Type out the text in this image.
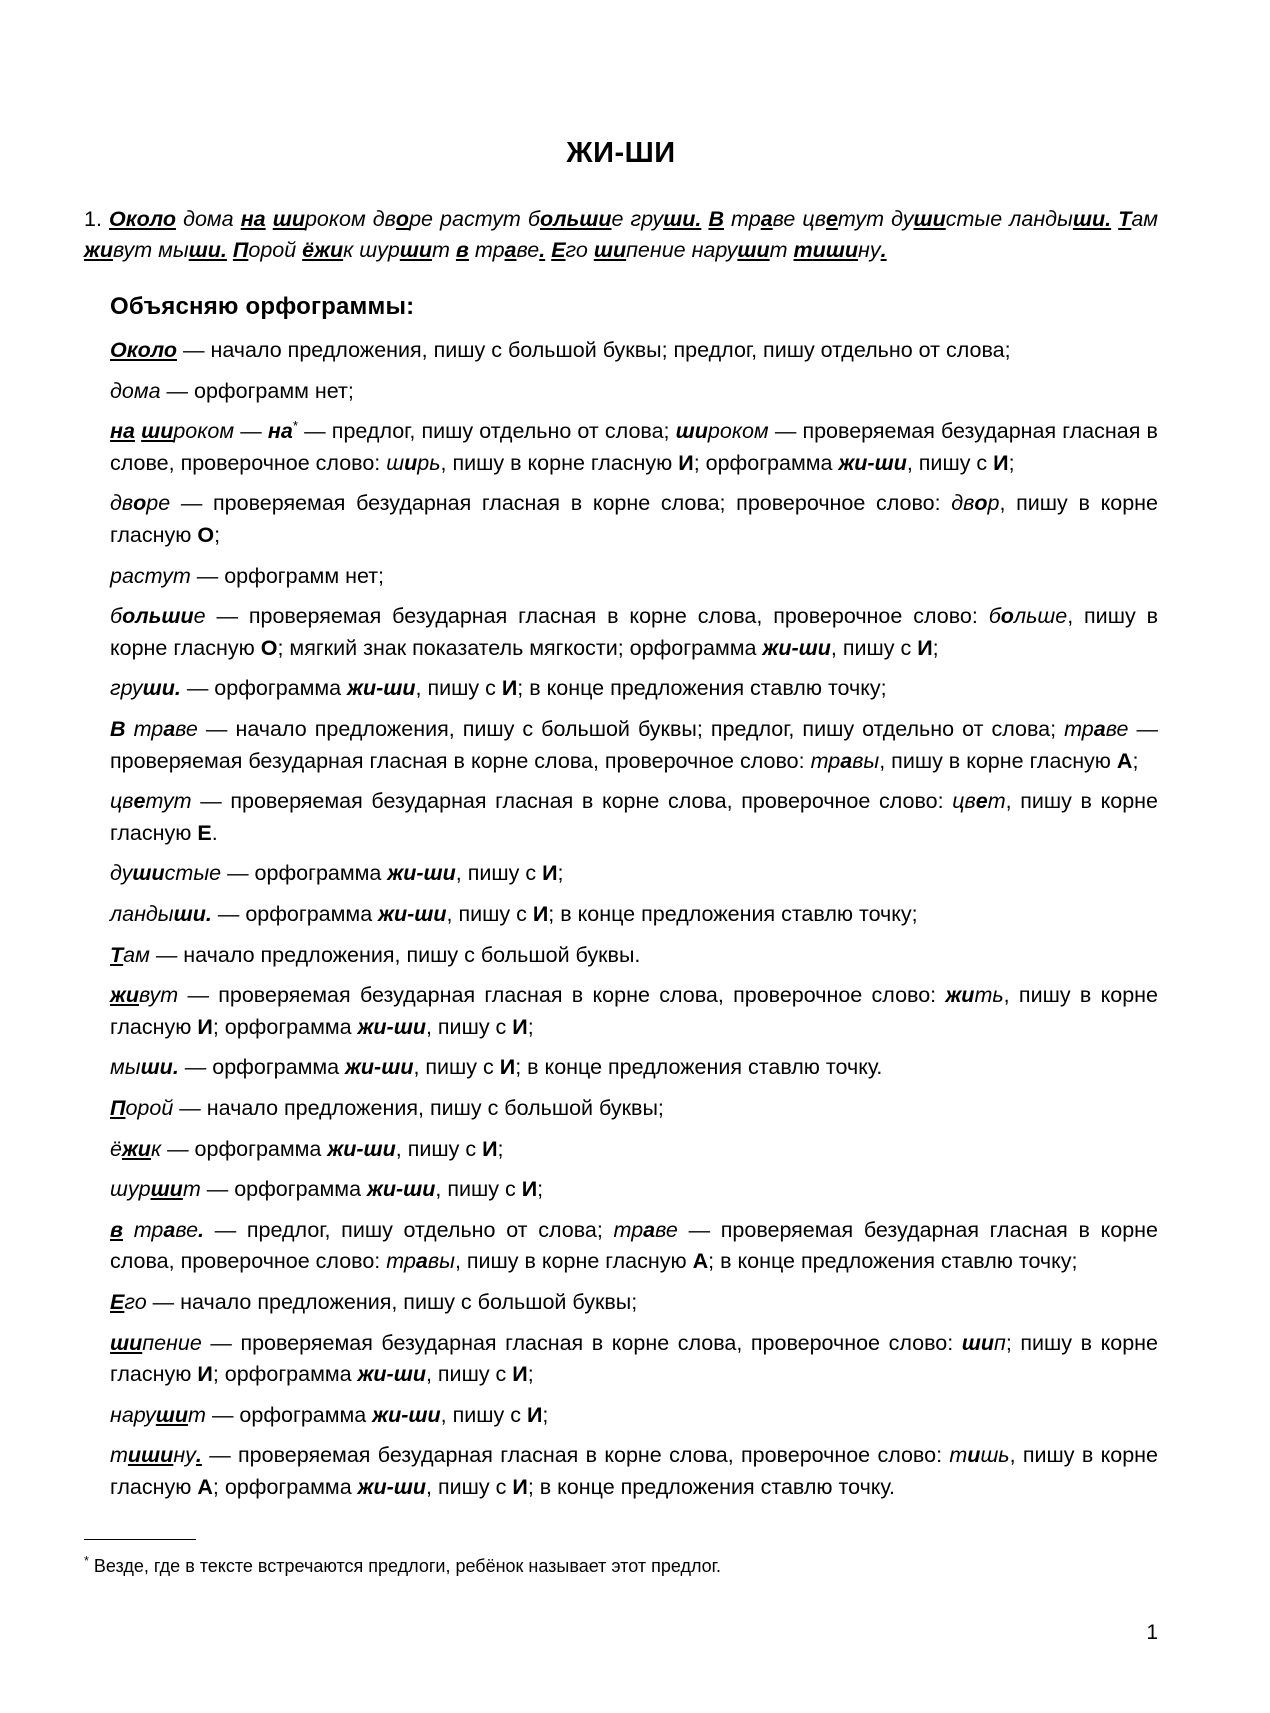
ЖИ-ШИ

1. Около дома на широком дворе растут большие груши. В траве цветут душистые ландыши. Там живут мыши. Порой ёжик шуршит в траве. Его шипение нарушит тишину.

Объясняю орфограммы:
Около — начало предложения, пишу с большой буквы; предлог, пишу отдельно от слова;
дома — орфограмм нет;
на широком — на* — предлог, пишу отдельно от слова; широком — проверяемая безударная гласная в слове, проверочное слово: ширь, пишу в корне гласную И; орфограмма жи-ши, пишу с И;
дворе — проверяемая безударная гласная в корне слова; проверочное слово: двор, пишу в корне гласную О;
растут — орфограмм нет;
большие — проверяемая безударная гласная в корне слова, проверочное слово: больше, пишу в корне гласную О; мягкий знак показатель мягкости; орфограмма жи-ши, пишу с И;
груши. — орфограмма жи-ши, пишу с И; в конце предложения ставлю точку;
В траве — начало предложения, пишу с большой буквы; предлог, пишу отдельно от слова; траве — проверяемая безударная гласная в корне слова, проверочное слово: травы, пишу в корне гласную А;
цветут — проверяемая безударная гласная в корне слова, проверочное слово: цвет, пишу в корне гласную Е.
душистые — орфограмма жи-ши, пишу с И;
ландыши. — орфограмма жи-ши, пишу с И; в конце предложения ставлю точку;
Там — начало предложения, пишу с большой буквы.
живут — проверяемая безударная гласная в корне слова, проверочное слово: жить, пишу в корне гласную И; орфограмма жи-ши, пишу с И;
мыши. — орфограмма жи-ши, пишу с И; в конце предложения ставлю точку.
Порой — начало предложения, пишу с большой буквы;
ёжик — орфограмма жи-ши, пишу с И;
шуршит — орфограмма жи-ши, пишу с И;
в траве. — предлог, пишу отдельно от слова; траве — проверяемая безударная гласная в корне слова, проверочное слово: травы, пишу в корне гласную А; в конце предложения ставлю точку;
Его — начало предложения, пишу с большой буквы;
шипение — проверяемая безударная гласная в корне слова, проверочное слово: шип; пишу в корне гласную И; орфограмма жи-ши, пишу с И;
нарушит — орфограмма жи-ши, пишу с И;
тишину. — проверяемая безударная гласная в корне слова, проверочное слово: тишь, пишу в корне гласную А; орфограмма жи-ши, пишу с И; в конце предложения ставлю точку.

* Везде, где в тексте встречаются предлоги, ребёнок называет этот предлог.

1
